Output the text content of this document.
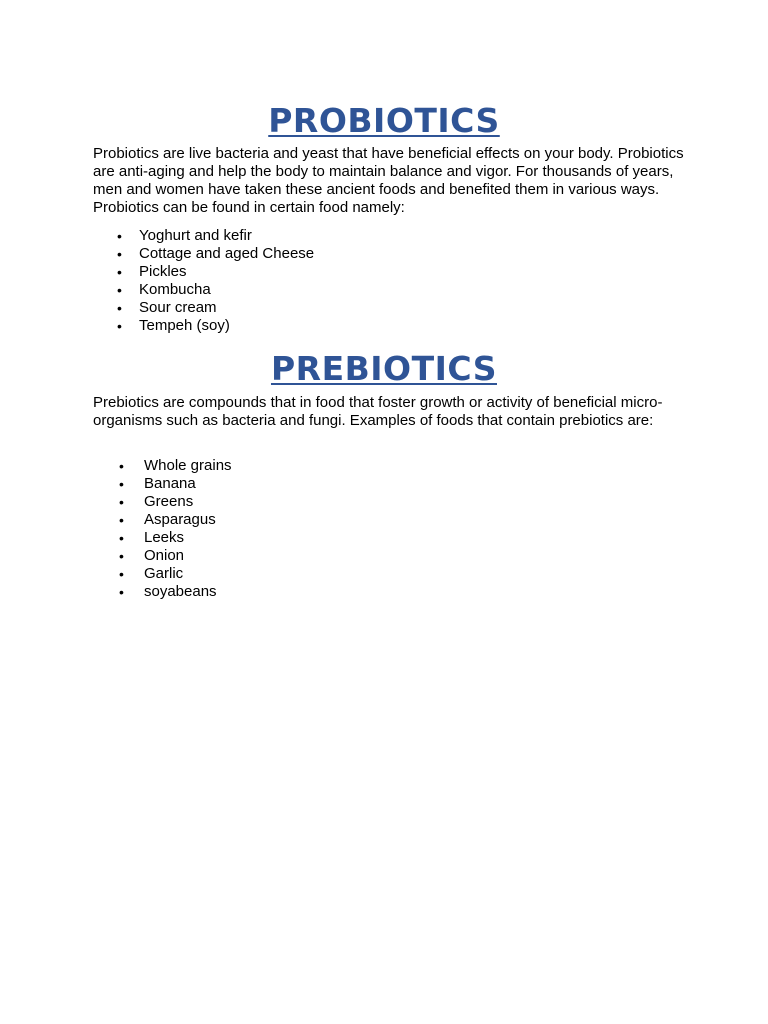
PROBIOTICS

Probiotics are live bacteria and yeast that have beneficial effects on your body. Probiotics are anti-aging and help the body to maintain balance and vigor. For thousands of years, men and women have taken these ancient foods and benefited them in various ways. Probiotics can be found in certain food namely:

• Yoghurt and kefir
• Cottage and aged Cheese
• Pickles
• Kombucha
• Sour cream
• Tempeh (soy)
PREBIOTICS

Prebiotics are compounds that in food that foster growth or activity of beneficial micro-organisms such as bacteria and fungi. Examples of foods that contain prebiotics are:

• Whole grains
• Banana
• Greens
• Asparagus
• Leeks
• Onion
• Garlic
• soyabeans
